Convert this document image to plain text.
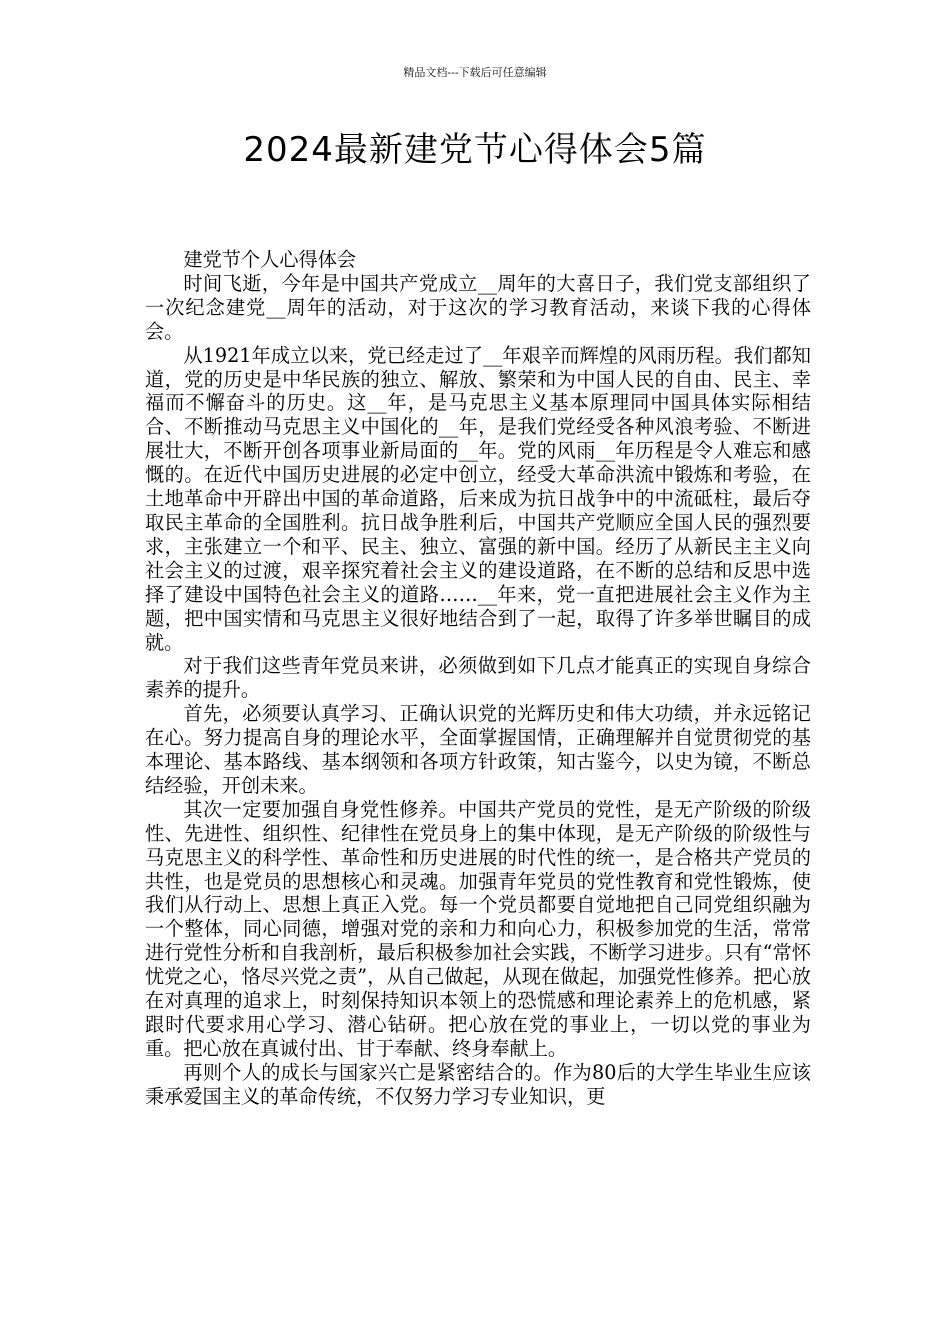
精品文档---下载后可任意编辑
2024最新建党节心得体会5篇

建党节个人心得体会

时间飞逝，今年是中国共产党成立__周年的大喜日子，我们党支部组织了一次纪念建党__周年的活动，对于这次的学习教育活动，来谈下我的心得体会。

从1921年成立以来，党已经走过了__年艰辛而辉煌的风雨历程。我们都知道，党的历史是中华民族的独立、解放、繁荣和为中国人民的自由、民主、幸福而不懈奋斗的历史。这__年，是马克思主义基本原理同中国具体实际相结合、不断推动马克思主义中国化的__年，是我们党经受各种风浪考验、不断进展壮大，不断开创各项事业新局面的__年。党的风雨__年历程是令人难忘和感慨的。在近代中国历史进展的必定中创立，经受大革命洪流中锻炼和考验，在土地革命中开辟出中国的革命道路，后来成为抗日战争中的中流砥柱，最后夺取民主革命的全国胜利。抗日战争胜利后，中国共产党顺应全国人民的强烈要求，主张建立一个和平、民主、独立、富强的新中国。经历了从新民主主义向社会主义的过渡，艰辛探究着社会主义的建设道路，在不断的总结和反思中选择了建设中国特色社会主义的道路……__年来，党一直把进展社会主义作为主题，把中国实情和马克思主义很好地结合到了一起，取得了许多举世瞩目的成就。

对于我们这些青年党员来讲，必须做到如下几点才能真正的实现自身综合素养的提升。

首先，必须要认真学习、正确认识党的光辉历史和伟大功绩，并永远铭记在心。努力提高自身的理论水平，全面掌握国情，正确理解并自觉贯彻党的基本理论、基本路线、基本纲领和各项方针政策，知古鉴今，以史为镜，不断总结经验，开创未来。

其次一定要加强自身党性修养。中国共产党员的党性，是无产阶级的阶级性、先进性、组织性、纪律性在党员身上的集中体现，是无产阶级的阶级性与马克思主义的科学性、革命性和历史进展的时代性的统一，是合格共产党员的共性，也是党员的思想核心和灵魂。加强青年党员的党性教育和党性锻炼，使我们从行动上、思想上真正入党。每一个党员都要自觉地把自己同党组织融为一个整体，同心同德，增强对党的亲和力和向心力，积极参加党的生活，常常进行党性分析和自我剖析，最后积极参加社会实践，不断学习进步。只有“常怀忧党之心，恪尽兴党之责”，从自己做起，从现在做起，加强党性修养。把心放在对真理的追求上，时刻保持知识本领上的恐慌感和理论素养上的危机感，紧跟时代要求用心学习、潜心钻研。把心放在党的事业上，一切以党的事业为重。把心放在真诚付出、甘于奉献、终身奉献上。

再则个人的成长与国家兴亡是紧密结合的。作为80后的大学生毕业生应该秉承爱国主义的革命传统，不仅努力学习专业知识，更
